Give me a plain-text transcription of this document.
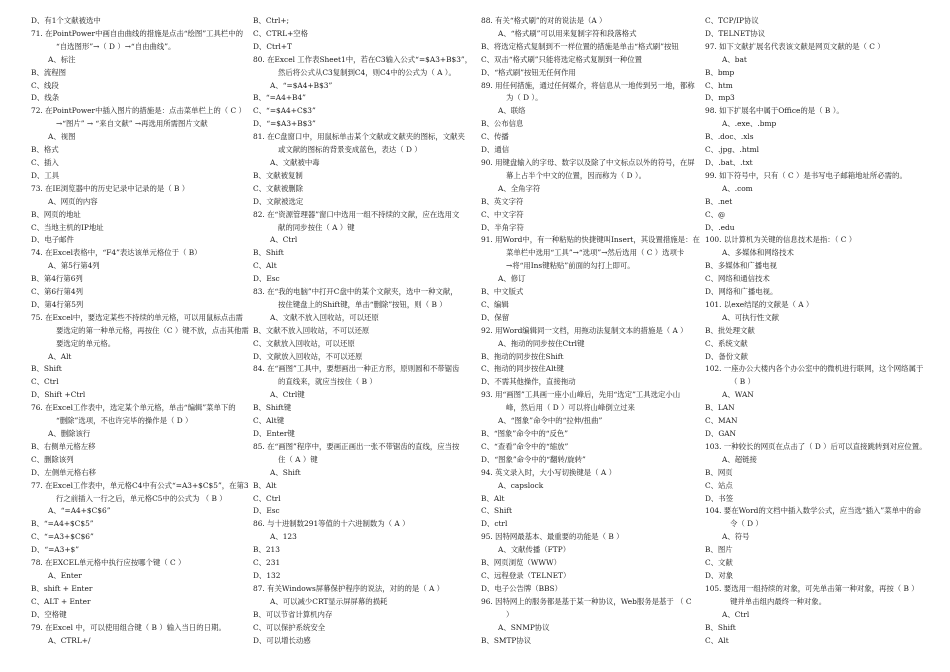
D、有1个文献被选中
71. 在PointPower中画自由曲线的措施是点击“绘图”工具栏中的
“自选图形”→（ D ）→“自由曲线”。
A、标注
B、流程图
C、线段
D、线条
72. 在PointPower中插入图片的措施是：点击菜单栏上的（ C ）
→“图片” → “来自文献” →再选用所需图片文献
A、视图
B、格式
C、插入
D、工具
73. 在IE浏览器中的历史记录中记录的是（ B ）
A、网页的内容
B、网页的地址
C、当地主机的IP地址
D、电子邮件
74. 在Excel表格中，“F4”表达该单元格位于（ B）
A、第5行第4列
B、第4行第6列
C、第6行第4列
D、第4行第5列
75. 在Excel中，要选定某些不持续的单元格，可以用鼠标点击需
要选定的第一种单元格，再按住（C ）键不放，点击其他需
要选定的单元格。
A、Alt
B、Shift
C、Ctrl
D、Shift +Ctrl
76. 在Excel工作表中，选定某个单元格，单击“编辑”菜单下的
“删除”选项，不也许完毕的操作是（ D ）
A、删除该行
B、右侧单元格左移
C、删除该列
D、左侧单元格右移
77. 在Excel工作表中，单元格C4中有公式“=A3+$C$5”，在第3
行之前插入一行之后，单元格C5中的公式为 （ B ）
A、“=A4+$C$6”
B、“=A4+$C$5”
C、“=A3+$C$6”
D、“=A3+$”
78. 在EXCEL单元格中执行应按哪个键（ C ）
A、Enter
B、shift + Enter
C、ALT + Enter
D、空格键
79. 在Excel 中，可以使用组合键（ B ）输入当日的日期。
A、CTRL+/
B、Ctrl+;
C、CTRL+空格
D、Ctrl+T
80. 在Excel 工作表Sheet1中，若在C3输入公式“=$A3+B$3”，
然后将公式从C3复制到C4，则C4中的公式为（ A ）。
A、“=$A4+B$3”
B、“=A4+B4”
C、“=$A4+C$3”
D、“=$A3+B$3”
81. 在C盘窗口中，用鼠标单击某个文献或文献夹的图标，文献夹
或文献的图标的背景变成蓝色，表达（ D ）
A、文献被中毒
B、文献被复制
C、文献被删除
D、文献被选定
82. 在“资源管理器”窗口中选用一组不持续的文献，应在选用文
献的同步按住（ A ）键
A、Ctrl
B、Shift
C、Alt
D、Esc
83. 在“我的电脑”中打开C盘中的某个文献夹，选中一种文献，
按住键盘上的Shift键，单击“删除”按钮，则（ B ）
A、文献不放入回收站，可以还原
B、文献不放入回收站，不可以还原
C、文献放入回收站，可以还原
D、文献放入回收站，不可以还原
84. 在“画图”工具中，要想画出一种正方形，原则圆和不带锯齿
的直线来，就应当按住（ B ）
A、Ctrl键
B、Shift键
C、Alt键
D、Enter键
85. 在“画图”程序中，要画正画出一张不带锯齿的直线，应当按
住（ A ）键
A、Shift
B、Alt
C、Ctrl
D、Esc
86. 与十进制数291等值的十六进制数为（ A ）
A、123
B、213
C、231
D、132
87. 有关Windows屏幕保护程序的说法，对的的是（ A ）
A、可以减少CRT显示屏屏幕的损耗
B、可以节省计算机内存
C、可以保护系统安全
D、可以增长动感
88. 有关“格式刷”的对的说法是（A ）
A、“格式刷”可以用来复制字符和段落格式
B、将选定格式复制到不一样位置的措施是单击“格式刷”按钮
C、双击“格式刷”只能将选定格式复制到一种位置
D、“格式刷”按钮无任何作用
89. 用任何措施，通过任何媒介，将信息从一地传到另一地，都称
为（ D ）。
A、联络
B、公布信息
C、传播
D、通信
90. 用键盘输入的字母、数字以及除了中文标点以外的符号，在屏
幕上占半个中文的位置，因而称为（ D ）。
A、全角字符
B、英文字符
C、中文字符
D、半角字符
91. 用Word中，有一种粘贴的快捷键叫Insert，其设置措施是：在
菜单栏中选用“工具”→“选项”→然后选用（ C ）选项卡
→将“用Ins键粘贴”前面的勾打上即可。
A、修订
B、中文版式
C、编辑
D、保留
92. 用Word编辑同一文档，用拖动法复制文本的措施是（ A ）
A、拖动的同步按住Ctrl键
B、拖动的同步按住Shift
C、拖动的同步按住Alt键
D、不需其他操作，直接拖动
93. 用“画图”工具画一座小山峰后，先用“选定”工具选定小山
峰，然后用（ D ）可以将山峰倒立过来
A、“图象”命令中的“拉伸/扭曲”
B、“图象”命令中的“反色”
C、“查看”命令中的“缩放”
D、“图象”命令中的“翻转/旋转”
94. 英文录入时，大小写切换键是（ A ）
A、capslock
B、Alt
C、Shift
D、ctrl
95. 因特网最基本、最重要的功能是（ B ）
A、文献传播（FTP）
B、网页浏览（WWW）
C、远程登录（TELNET）
D、电子公告牌（BBS）
96. 因特网上的服务都是基于某一种协议，Web服务是基于 （ C
）
A、SNMP协议
B、SMTP协议
C、TCP/IP协议
D、TELNET协议
97. 如下文献扩展名代表该文献是网页文献的是（ C ）
A、bat
B、bmp
C、htm
D、mp3
98. 如下扩展名中属于Office的是（ B ）。
A、.exe、.bmp
B、.doc、.xls
C、.jpg、.html
D、.bat、.txt
99. 如下符号中，只有（ C ）是书写电子邮箱地址所必需的。
A、.com
B、.net
C、@
D、.edu
100. 以计算机为关键的信息技术是指：（ C ）
A、多媒体和网络技术
B、多媒体和广播电视
C、网络和通信技术
D、网络和广播电视。
101. 以exe结尾的文献是（ A ）
A、可执行性文献
B、批处理文献
C、系统文献
D、备份文献
102. 一座办公大楼内各个办公室中的微机进行联网，这个网络属于
（ B ）
A、WAN
B、LAN
C、MAN
D、GAN
103. 一种较长的网页在点击了（ D ）后可以直接跳转到对应位置。
A、超链接
B、网页
C、站点
D、书签
104. 要在Word的文档中插入数学公式，应当选“插入”菜单中的命
令（ D ）
A、符号
B、图片
C、文献
D、对象
105. 要选用一组持续的对象，可先单击第一种对象，再按（ B ）
键并单击组内最终一种对象。
A、Ctrl
B、Shift
C、Alt
